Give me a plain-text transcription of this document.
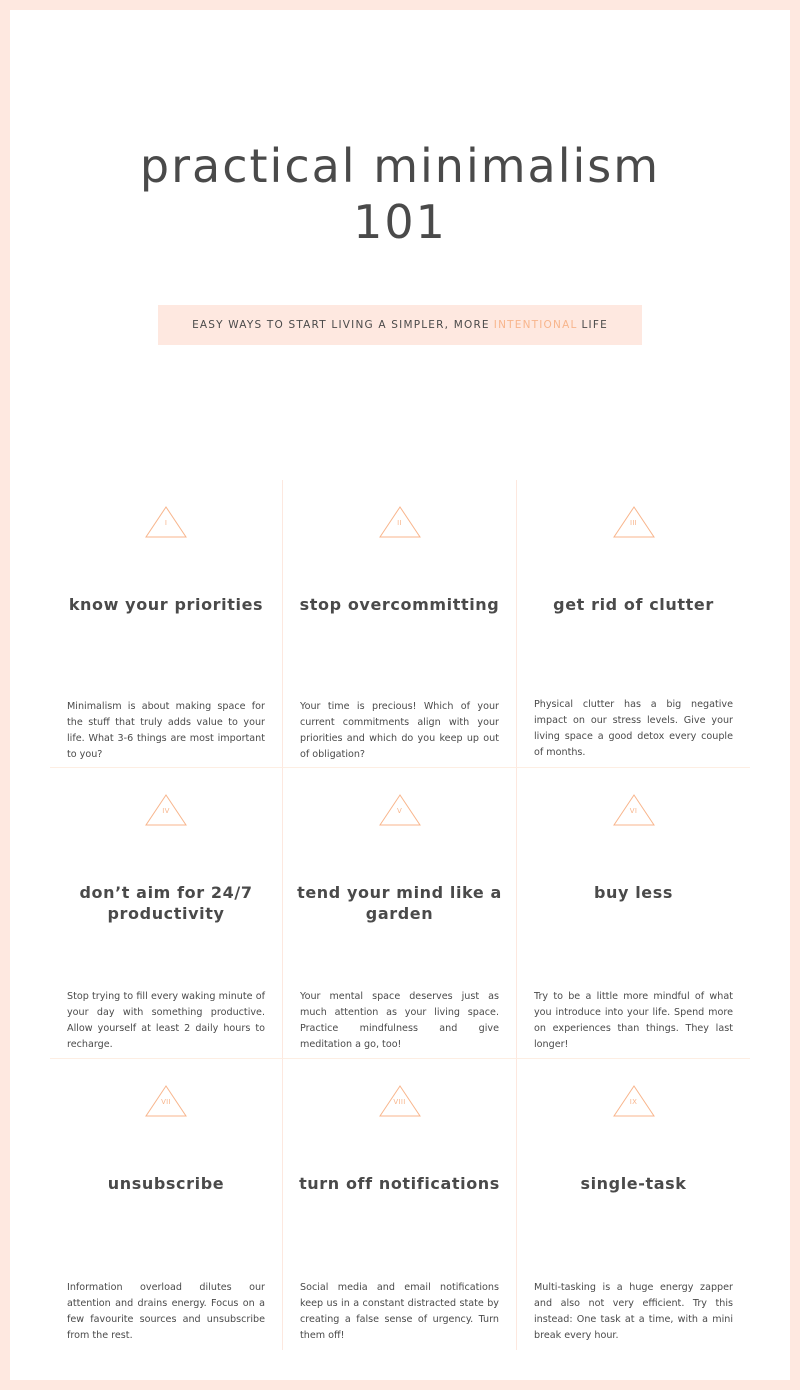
practical minimalism
101
EASY WAYS TO START LIVING A SIMPLER, MORE INTENTIONAL LIFE
I
know your priorities

Minimalism is about making space for the stuff that truly adds value to your life. What 3-6 things are most important to you?

II
stop overcommitting

Your time is precious! Which of your current commitments align with your priorities and which do you keep up out of obligation?

III
get rid of clutter

Physical clutter has a big negative impact on our stress levels. Give your living space a good detox every couple of months.

IV
don’t aim for 24/7 productivity

Stop trying to fill every waking minute of your day with something productive. Allow yourself at least 2 daily hours to recharge.

V
tend your mind like a garden

Your mental space deserves just as much attention as your living space. Practice mindfulness and give meditation a go, too!

VI
buy less

Try to be a little more mindful of what you introduce into your life. Spend more on experiences than things. They last longer!

VII
unsubscribe

Information overload dilutes our attention and drains energy. Focus on a few favourite sources and unsubscribe from the rest.

VIII
turn off notifications

Social media and email notifications keep us in a constant distracted state by creating a false sense of urgency. Turn them off!

IX
single-task

Multi-tasking is a huge energy zapper and also not very efficient. Try this instead: One task at a time, with a mini break every hour.
